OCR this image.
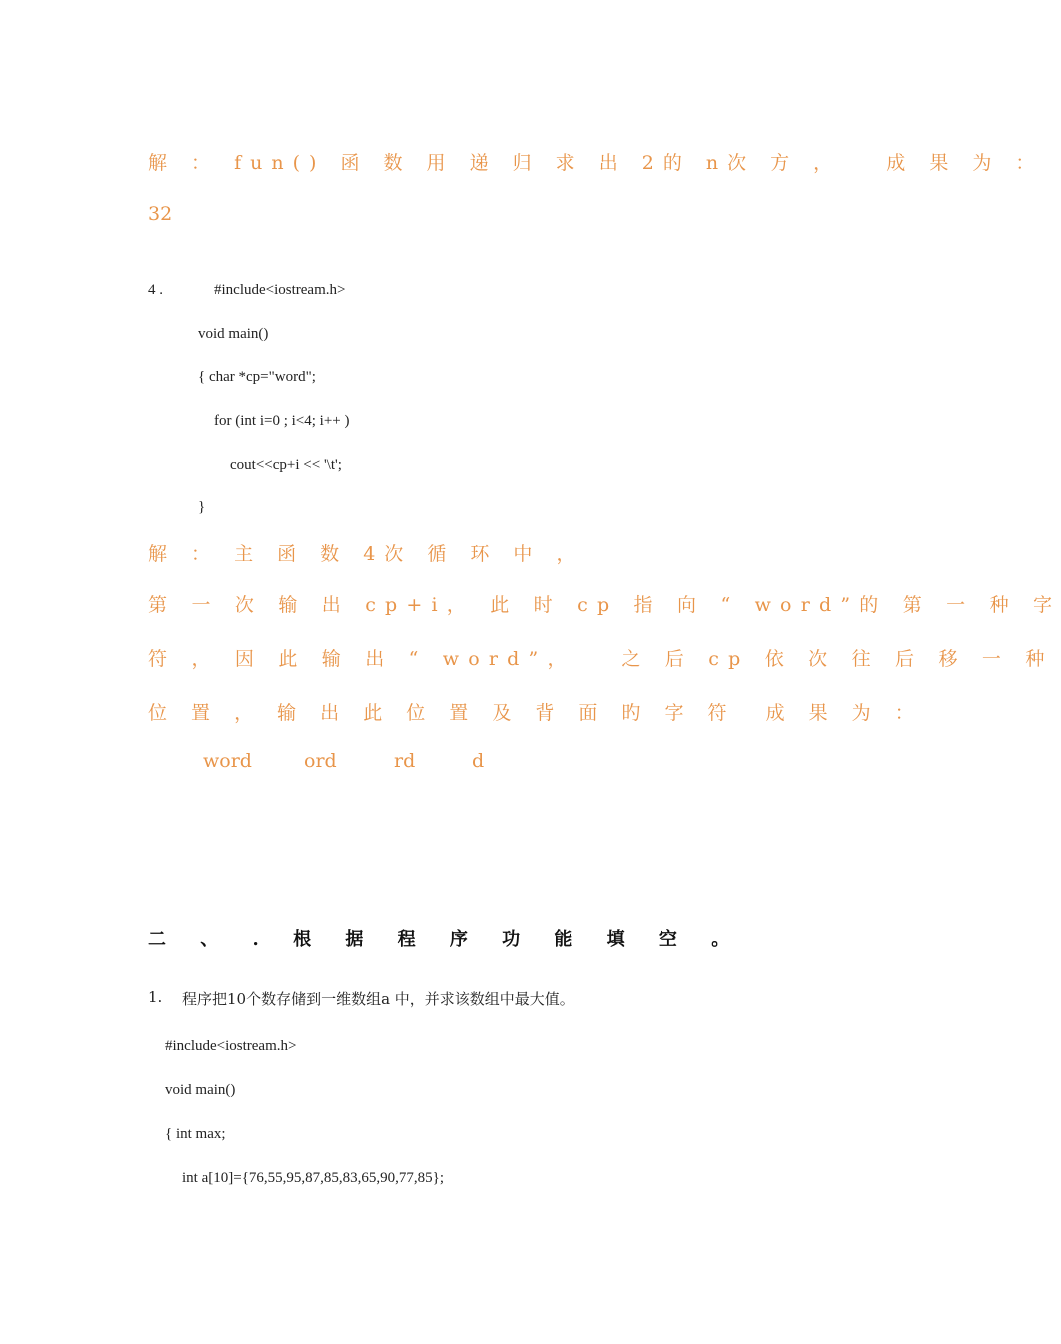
解 ： fun() 函 数 用 递 归 求 出 2的 n次 方 ，   成 果 为 ：
32
4 .	#include<iostream.h>
void main()
{ char *cp="word";
for (int i=0 ; i<4; i++ )
cout<<cp+i << '\t';
}
解 ： 主 函 数 4次 循 环 中 ，
第 一 次 输 出 cp+i， 此 时 cp 指 向 “ word”的 第 一 种 字
符 ， 因 此 输 出 “ word”，   之 后 cp 依 次 往 后 移 一 种
位 置 ， 输 出 此 位 置 及 背 面 旳 字 符  成 果 为 ：
word	ord	rd	d
二 、 . 根 据 程 序 功 能 填 空 。
1. 程序把10个数存储到一维数组a 中，并求该数组中最大值。
#include<iostream.h>
void main()
{ int max;
int a[10]={76,55,95,87,85,83,65,90,77,85};
